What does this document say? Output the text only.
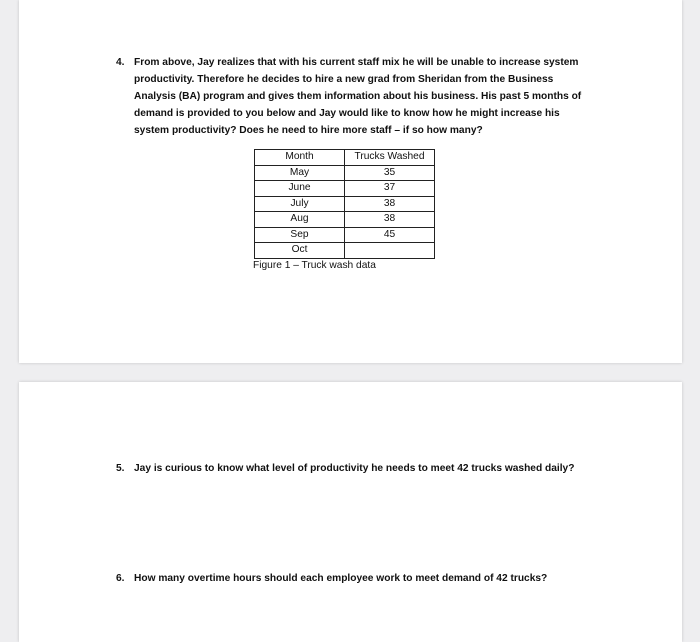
4. From above, Jay realizes that with his current staff mix he will be unable to increase system productivity. Therefore he decides to hire a new grad from Sheridan from the Business Analysis (BA) program and gives them information about his business. His past 5 months of demand is provided to you below and Jay would like to know how he might increase his system productivity? Does he need to hire more staff – if so how many?
Month	Trucks Washed
May	35
June	37
July	38
Aug	38
Sep	45
Oct	
Figure 1 – Truck wash data
5. Jay is curious to know what level of productivity he needs to meet 42 trucks washed daily?
6. How many overtime hours should each employee work to meet demand of 42 trucks?
